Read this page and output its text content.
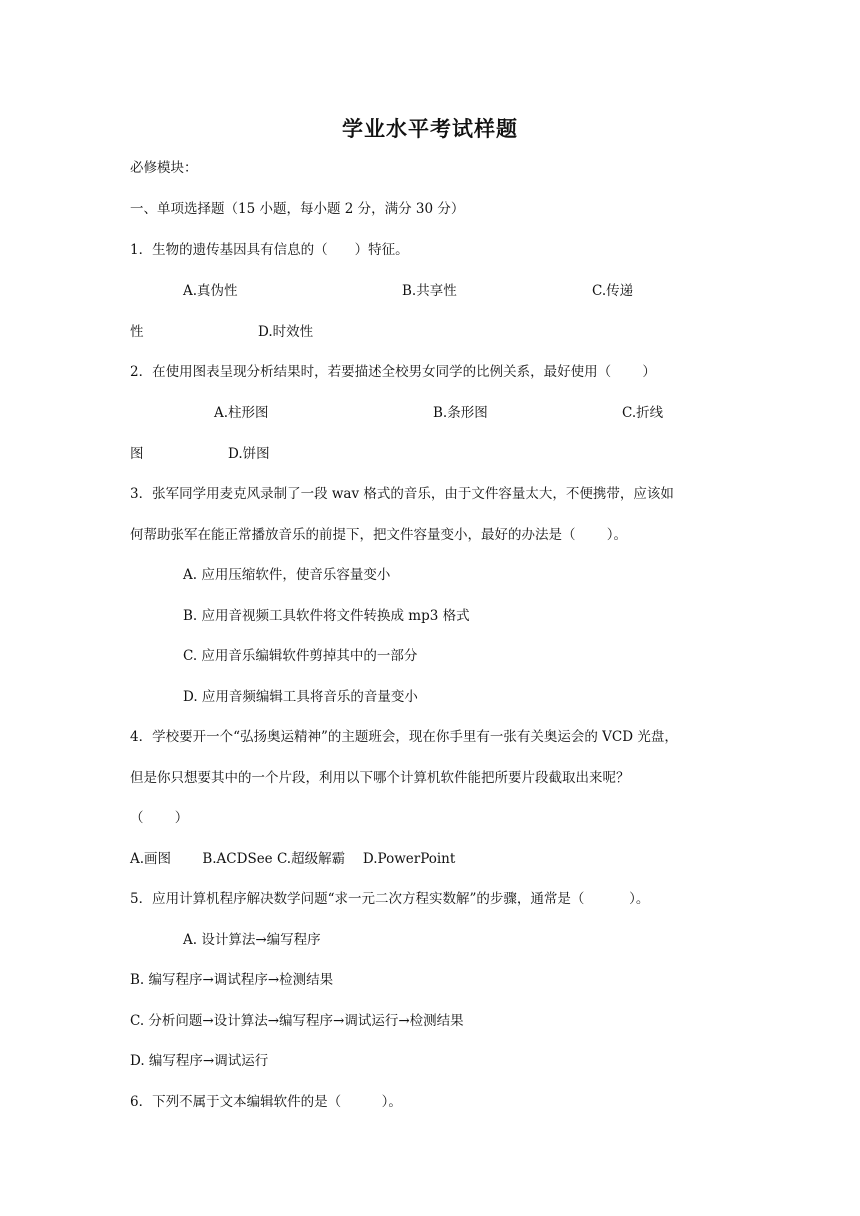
学业水平考试样题
必修模块：
一、单项选择题（15 小题，每小题 2 分，满分 30 分）
1．生物的遗传基因具有信息的（　　）特征。
A.真伪性	B.共享性	C.传递
性	D.时效性
2．在使用图表呈现分析结果时，若要描述全校男女同学的比例关系，最好使用（　　 ）
A.柱形图	B.条形图	C.折线
图	D.饼图
3．张军同学用麦克风录制了一段 wav 格式的音乐，由于文件容量太大，不便携带，应该如
何帮助张军在能正常播放音乐的前提下，把文件容量变小，最好的办法是（　　 ）。
A. 应用压缩软件，使音乐容量变小
B. 应用音视频工具软件将文件转换成 mp3 格式
C. 应用音乐编辑软件剪掉其中的一部分
D. 应用音频编辑工具将音乐的音量变小
4．学校要开一个“弘扬奥运精神”的主题班会，现在你手里有一张有关奥运会的 VCD 光盘，
但是你只想要其中的一个片段，利用以下哪个计算机软件能把所要片段截取出来呢？
（　　 ）
A.画图　　 B.ACDSee C.超级解霸　 D.PowerPoint
5．应用计算机程序解决数学问题“求一元二次方程实数解”的步骤，通常是（　　　 ）。
A. 设计算法→编写程序
B. 编写程序→调试程序→检测结果
C. 分析问题→设计算法→编写程序→调试运行→检测结果
D. 编写程序→调试运行
6．下列不属于文本编辑软件的是（　　　）。
